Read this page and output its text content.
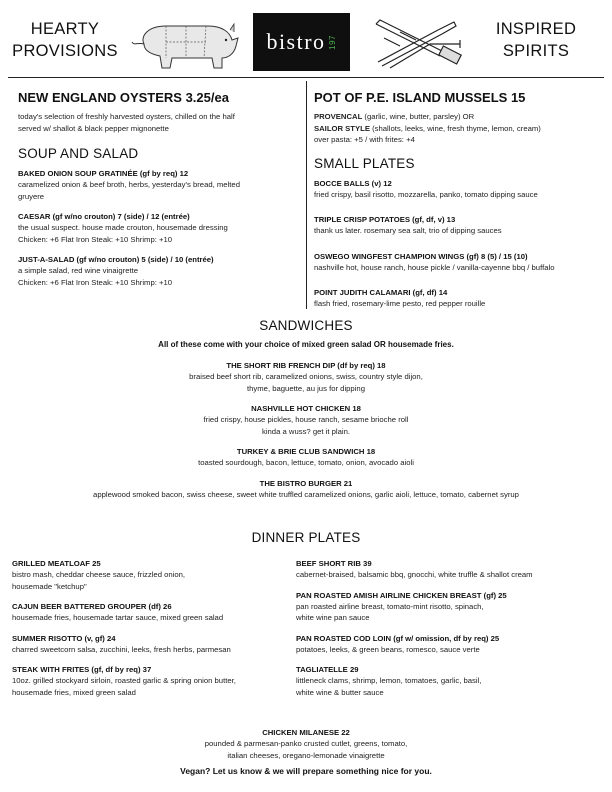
HEARTY
PROVISIONS	bistro 197
INSPIRED
SPIRITS
NEW ENGLAND OYSTERS 3.25/ea
today's selection of freshly harvested oysters, chilled on the half
served w/ shallot & black pepper mignonette
SOUP AND SALAD
BAKED ONION SOUP GRATINÉE (gf by req) 12
caramelized onion & beef broth, herbs, yesterday's bread, melted
gruyere
CAESAR (gf w/no crouton) 7 (side) / 12 (entrée)
the usual suspect. house made crouton, housemade dressing
Chicken: +6 Flat Iron Steak: +10 Shrimp: +10
JUST-A-SALAD (gf w/no crouton) 5 (side) / 10 (entrée)
a simple salad, red wine vinaigrette
Chicken: +6 Flat Iron Steak: +10 Shrimp: +10
POT OF P.E. ISLAND MUSSELS 15
PROVENCAL (garlic, wine, butter, parsley) OR
SAILOR STYLE (shallots, leeks, wine, fresh thyme, lemon, cream)
over pasta: +5 / with frites: +4
SMALL PLATES
BOCCE BALLS (v) 12
fried crispy, basil risotto, mozzarella, panko, tomato dipping sauce
TRIPLE CRISP POTATOES (gf, df, v) 13
thank us later. rosemary sea salt, trio of dipping sauces
OSWEGO WINGFEST CHAMPION WINGS (gf) 8 (5) / 15 (10)
nashville hot, house ranch, house pickle / vanilla-cayenne bbq / buffalo
POINT JUDITH CALAMARI (gf, df) 14
flash fried, rosemary-lime pesto, red pepper rouille
SANDWICHES
All of these come with your choice of mixed green salad OR housemade fries.
THE SHORT RIB FRENCH DIP (df by req) 18
braised beef short rib, caramelized onions, swiss, country style dijon,
thyme, baguette, au jus for dipping
NASHVILLE HOT CHICKEN 18
fried crispy, house pickles, house ranch, sesame brioche roll
kinda a wuss? get it plain.
TURKEY & BRIE CLUB SANDWICH 18
toasted sourdough, bacon, lettuce, tomato, onion, avocado aioli
THE BISTRO BURGER 21
applewood smoked bacon, swiss cheese, sweet white truffled caramelized onions, garlic aioli, lettuce, tomato, cabernet syrup
DINNER PLATES
GRILLED MEATLOAF 25
bistro mash, cheddar cheese sauce, frizzled onion,
housemade "ketchup"
CAJUN BEER BATTERED GROUPER (df) 26
housemade fries, housemade tartar sauce, mixed green salad
SUMMER RISOTTO (v, gf) 24
charred sweetcorn salsa, zucchini, leeks, fresh herbs, parmesan
STEAK WITH FRITES (gf, df by req) 37
10oz. grilled stockyard sirloin, roasted garlic & spring onion butter,
housemade fries, mixed green salad
BEEF SHORT RIB 39
cabernet-braised, balsamic bbq, gnocchi, white truffle & shallot cream
PAN ROASTED AMISH AIRLINE CHICKEN BREAST (gf) 25
pan roasted airline breast, tomato-mint risotto, spinach,
white wine pan sauce
PAN ROASTED COD LOIN (gf w/ omission, df by req) 25
potatoes, leeks, & green beans, romesco, sauce verte
TAGLIATELLE 29
littleneck clams, shrimp, lemon, tomatoes, garlic, basil,
white wine & butter sauce
CHICKEN MILANESE 22
pounded & parmesan-panko crusted cutlet, greens, tomato,
italian cheeses, oregano-lemonade vinaigrette
Vegan? Let us know & we will prepare something nice for you.
